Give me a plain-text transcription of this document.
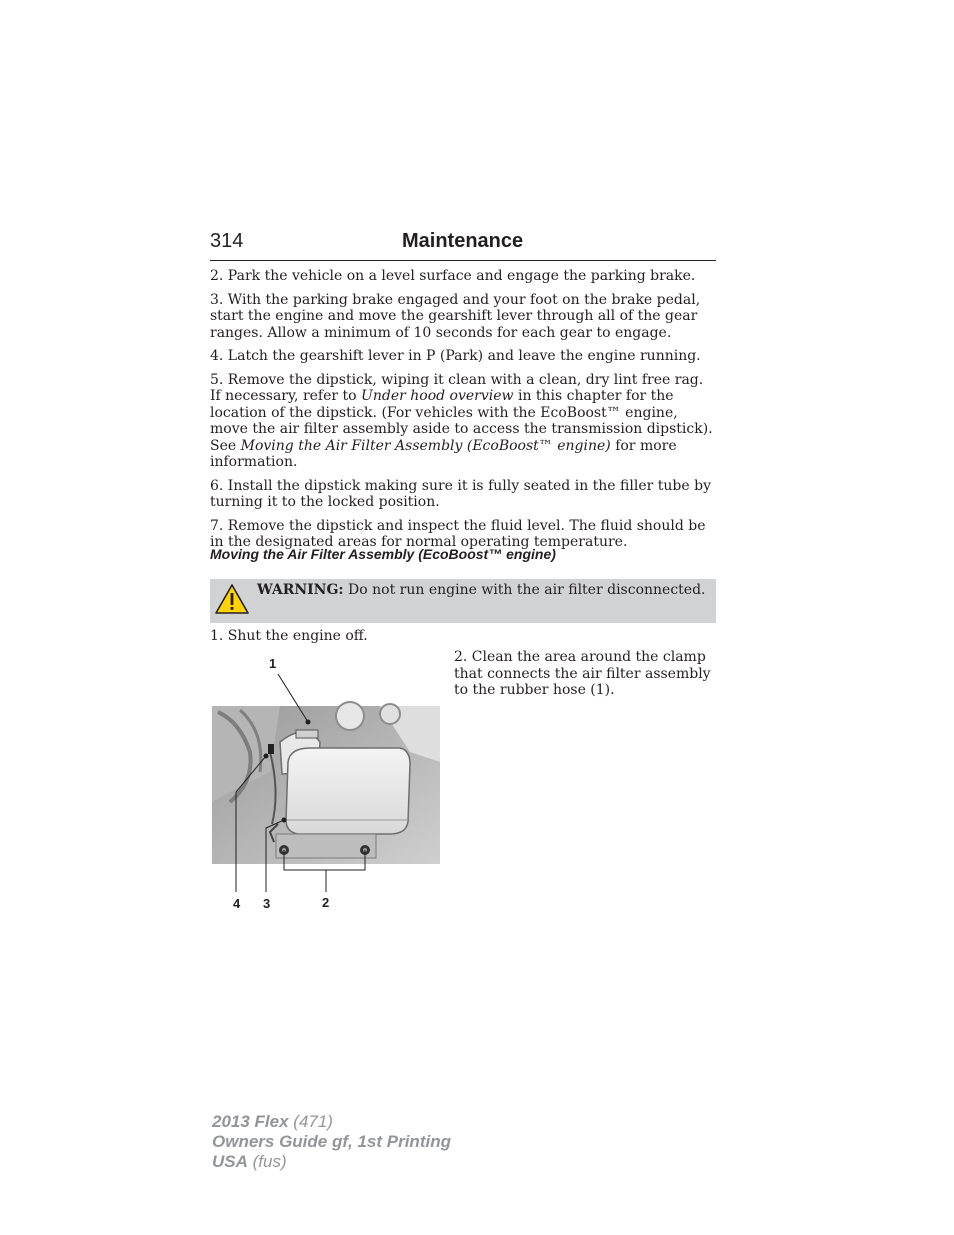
314	Maintenance

2. Park the vehicle on a level surface and engage the parking brake.

3. With the parking brake engaged and your foot on the brake pedal, start the engine and move the gearshift lever through all of the gear ranges. Allow a minimum of 10 seconds for each gear to engage.

4. Latch the gearshift lever in P (Park) and leave the engine running.

5. Remove the dipstick, wiping it clean with a clean, dry lint free rag. If necessary, refer to Under hood overview in this chapter for the location of the dipstick. (For vehicles with the EcoBoost™ engine, move the air filter assembly aside to access the transmission dipstick). See Moving the Air Filter Assembly (EcoBoost™ engine) for more information.

6. Install the dipstick making sure it is fully seated in the filler tube by turning it to the locked position.

7. Remove the dipstick and inspect the fluid level. The fluid should be in the designated areas for normal operating temperature.

Moving the Air Filter Assembly (EcoBoost™ engine)
WARNING: Do not run engine with the air filter disconnected.
1. Shut the engine off.
2. Clean the area around the clamp that connects the air filter assembly to the rubber hose (1).
1
2
3
4
2013 Flex (471)
Owners Guide gf, 1st Printing
USA (fus)
